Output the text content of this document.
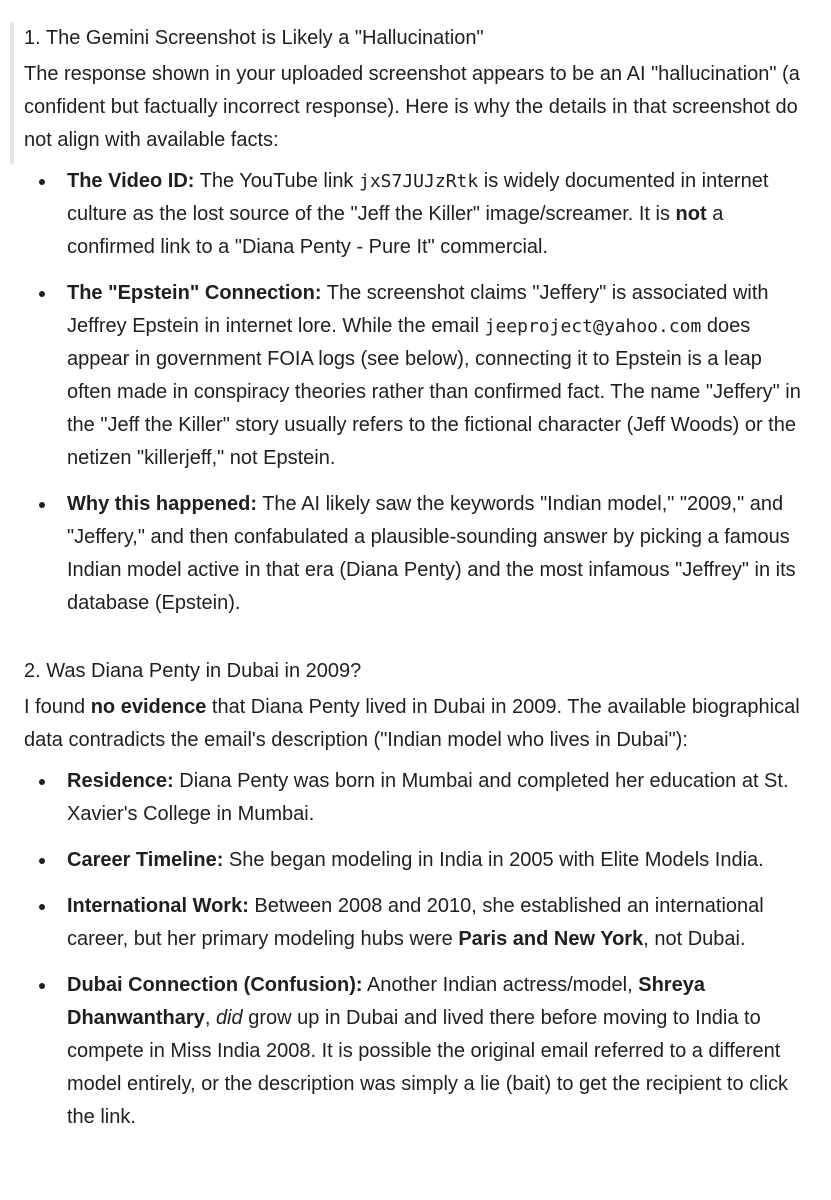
1. The Gemini Screenshot is Likely a "Hallucination"
The response shown in your uploaded screenshot appears to be an AI "hallucination" (a confident but factually incorrect response). Here is why the details in that screenshot do not align with available facts:
The Video ID: The YouTube link jxS7JUJzRtk is widely documented in internet culture as the lost source of the "Jeff the Killer" image/screamer. It is not a confirmed link to a "Diana Penty - Pure It" commercial.
The "Epstein" Connection: The screenshot claims "Jeffery" is associated with Jeffrey Epstein in internet lore. While the email jeeproject@yahoo.com does appear in government FOIA logs (see below), connecting it to Epstein is a leap often made in conspiracy theories rather than confirmed fact. The name "Jeffery" in the "Jeff the Killer" story usually refers to the fictional character (Jeff Woods) or the netizen "killerjeff," not Epstein.
Why this happened: The AI likely saw the keywords "Indian model," "2009," and "Jeffery," and then confabulated a plausible-sounding answer by picking a famous Indian model active in that era (Diana Penty) and the most infamous "Jeffrey" in its database (Epstein).
2. Was Diana Penty in Dubai in 2009?
I found no evidence that Diana Penty lived in Dubai in 2009. The available biographical data contradicts the email's description ("Indian model who lives in Dubai"):
Residence: Diana Penty was born in Mumbai and completed her education at St. Xavier's College in Mumbai.
Career Timeline: She began modeling in India in 2005 with Elite Models India.
International Work: Between 2008 and 2010, she established an international career, but her primary modeling hubs were Paris and New York, not Dubai.
Dubai Connection (Confusion): Another Indian actress/model, Shreya Dhanwanthary, did grow up in Dubai and lived there before moving to India to compete in Miss India 2008. It is possible the original email referred to a different model entirely, or the description was simply a lie (bait) to get the recipient to click the link.
